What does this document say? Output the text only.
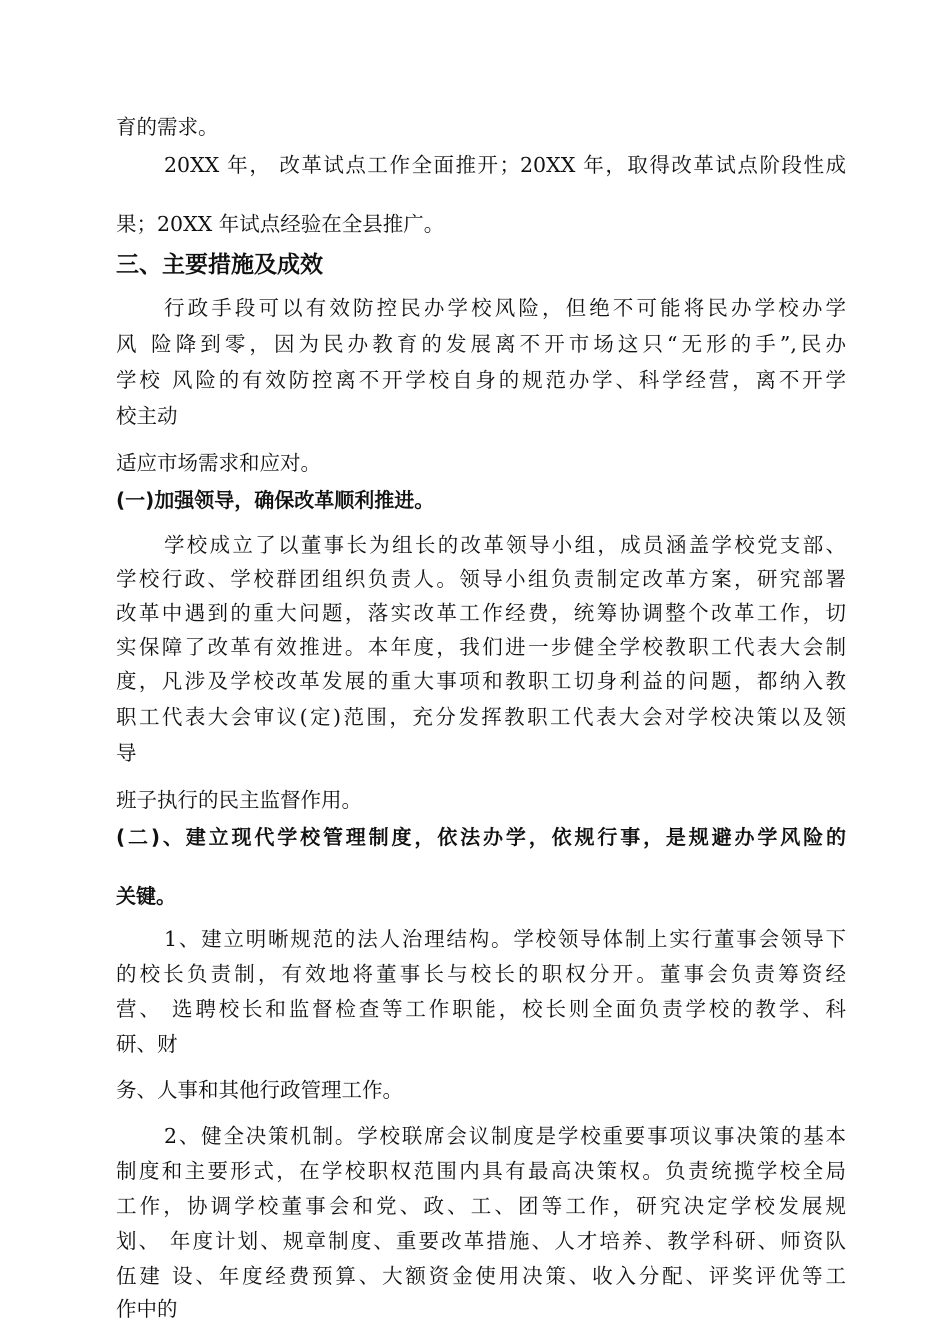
育的需求。
20XX 年， 改革试点工作全面推开；20XX 年，取得改革试点阶段性成
果；20XX 年试点经验在全县推广。
三、主要措施及成效
行政手段可以有效防控民办学校风险，但绝不可能将民办学校办学
风 险降到零，因为民办教育的发展离不开市场这只“无形的手”,民办
学校 风险的有效防控离不开学校自身的规范办学、科学经营，离不开学
校主动
适应市场需求和应对。
(一)加强领导，确保改革顺利推进。
学校成立了以董事长为组长的改革领导小组，成员涵盖学校党支部、
学校行政、学校群团组织负责人。领导小组负责制定改革方案，研究部署
改革中遇到的重大问题，落实改革工作经费，统筹协调整个改革工作，切
实保障了改革有效推进。本年度，我们进一步健全学校教职工代表大会制
度，凡涉及学校改革发展的重大事项和教职工切身利益的问题，都纳入教
职工代表大会审议(定)范围，充分发挥教职工代表大会对学校决策以及领
导
班子执行的民主监督作用。
(二)、建立现代学校管理制度，依法办学，依规行事，是规避办学风险的
关键。
1、建立明晰规范的法人治理结构。学校领导体制上实行董事会领导下
的校长负责制，有效地将董事长与校长的职权分开。董事会负责筹资经
营、 选聘校长和监督检查等工作职能，校长则全面负责学校的教学、科
研、财
务、人事和其他行政管理工作。
2、健全决策机制。学校联席会议制度是学校重要事项议事决策的基本
制度和主要形式，在学校职权范围内具有最高决策权。负责统揽学校全局
工作，协调学校董事会和党、政、工、团等工作，研究决定学校发展规
划、 年度计划、规章制度、重要改革措施、人才培养、教学科研、师资队
伍建 设、年度经费预算、大额资金使用决策、收入分配、评奖评优等工
作中的
